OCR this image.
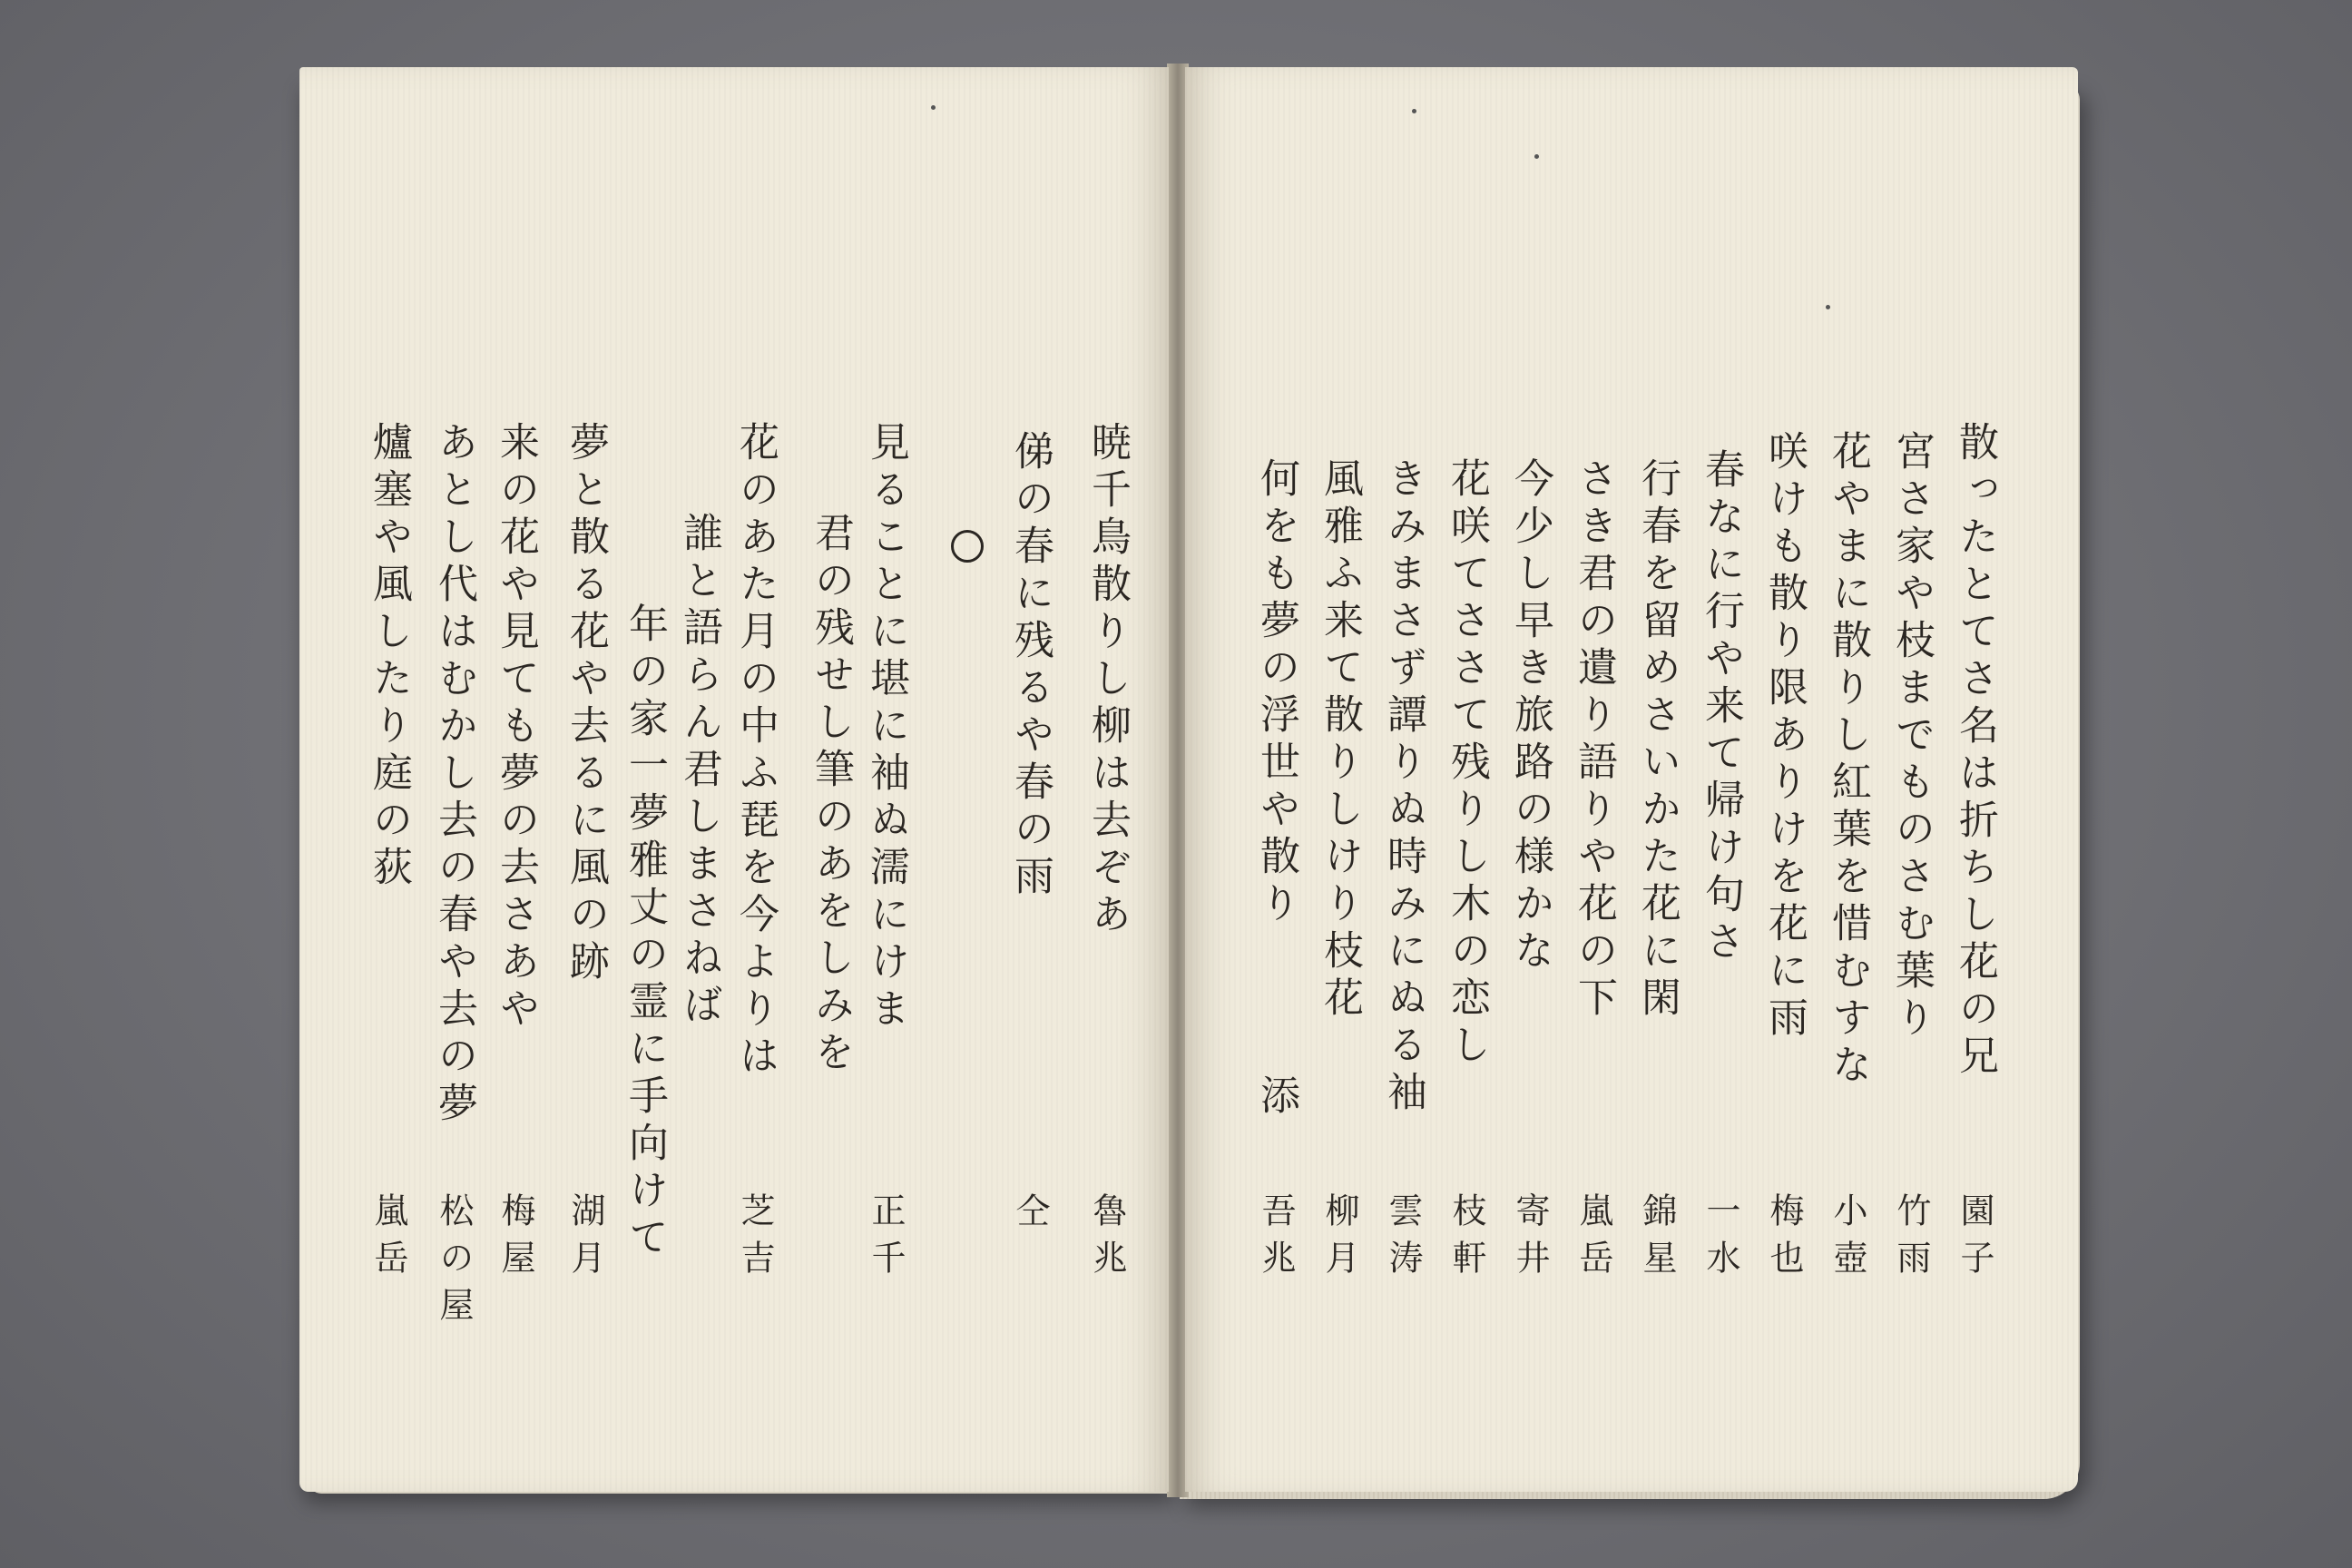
暁千鳥散りし柳は去ぞあ
魯兆
俤の春に残るや春の雨
仝
見ることに堪に袖ぬ濡にけま
正千
君の残せし筆のあをしみを
花のあた月の中ふ琵を今よりは
芝吉
誰と語らん君しまさねば
年の家一夢雅丈の霊に手向けて
夢と散る花や去るに風の跡
湖月
来の花や見ても夢の去さあや
梅屋
あとし代はむかし去の春や去の夢
松の屋
爐塞や風したり庭の荻
嵐岳
散ったとてさ名は折ちし花の兄
園子
宮さ家や枝までものさむ葉り
竹雨
花やまに散りし紅葉を惜むすな
小壺
咲けも散り限ありけを花に雨
梅也
春なに行や来て帰け句さ
一水
行春を留めさいかた花に閑
錦星
さき君の遺り語りや花の下
嵐岳
今少し早き旅路の様かな
寄井
花咲てささて残りし木の恋し
枝軒
きみまさず譚りぬ時みにぬる袖
雲涛
風雅ふ来て散りしけり枝花
柳月
何をも夢の浮世や散り
吾兆
添
